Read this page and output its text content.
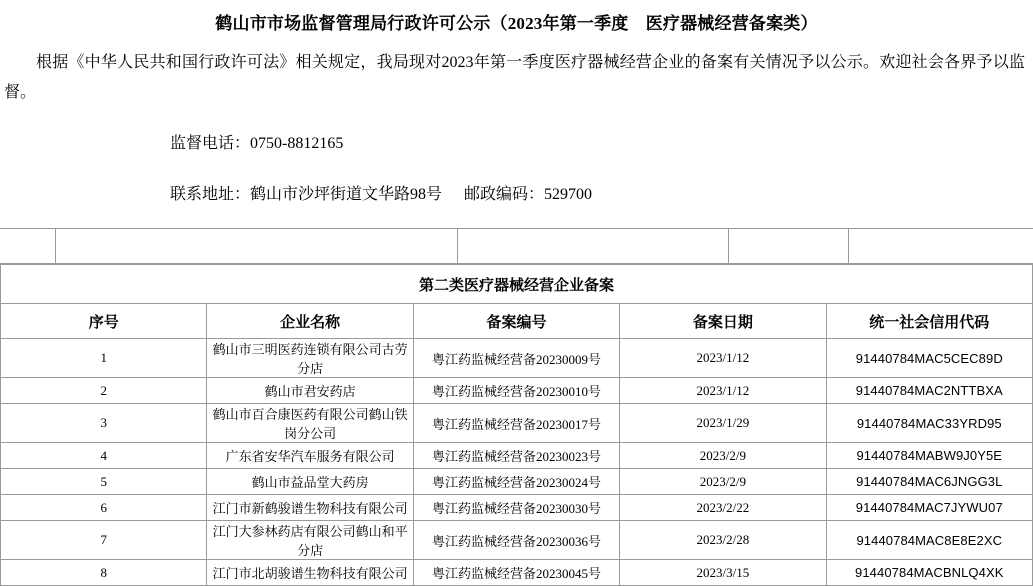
鹤山市市场监督管理局行政许可公示（2023年第一季度　医疗器械经营备案类）
根据《中华人民共和国行政许可法》相关规定，我局现对2023年第一季度医疗器械经营企业的备案有关情况予以公示。欢迎社会各界予以监督。
监督电话：0750-8812165
联系地址：鹤山市沙坪街道文华路98号 邮政编码：529700
第二类医疗器械经营企业备案				
序号	企业名称	备案编号	备案日期	统一社会信用代码
1	鹤山市三明医药连锁有限公司古劳分店	粤江药监械经营备20230009号	2023/1/12	91440784MAC5CEC89D
2	鹤山市君安药店	粤江药监械经营备20230010号	2023/1/12	91440784MAC2NTTBXA
3	鹤山市百合康医药有限公司鹤山铁岗分公司	粤江药监械经营备20230017号	2023/1/29	91440784MAC33YRD95
4	广东省安华汽车服务有限公司	粤江药监械经营备20230023号	2023/2/9	91440784MABW9J0Y5E
5	鹤山市益品堂大药房	粤江药监械经营备20230024号	2023/2/9	91440784MAC6JNGG3L
6	江门市新鹤骏谱生物科技有限公司	粤江药监械经营备20230030号	2023/2/22	91440784MAC7JYWU07
7	江门大参林药店有限公司鹤山和平分店	粤江药监械经营备20230036号	2023/2/28	91440784MAC8E8E2XC
8	江门市北胡骏谱生物科技有限公司	粤江药监械经营备20230045号	2023/3/15	91440784MACBNLQ4XK
